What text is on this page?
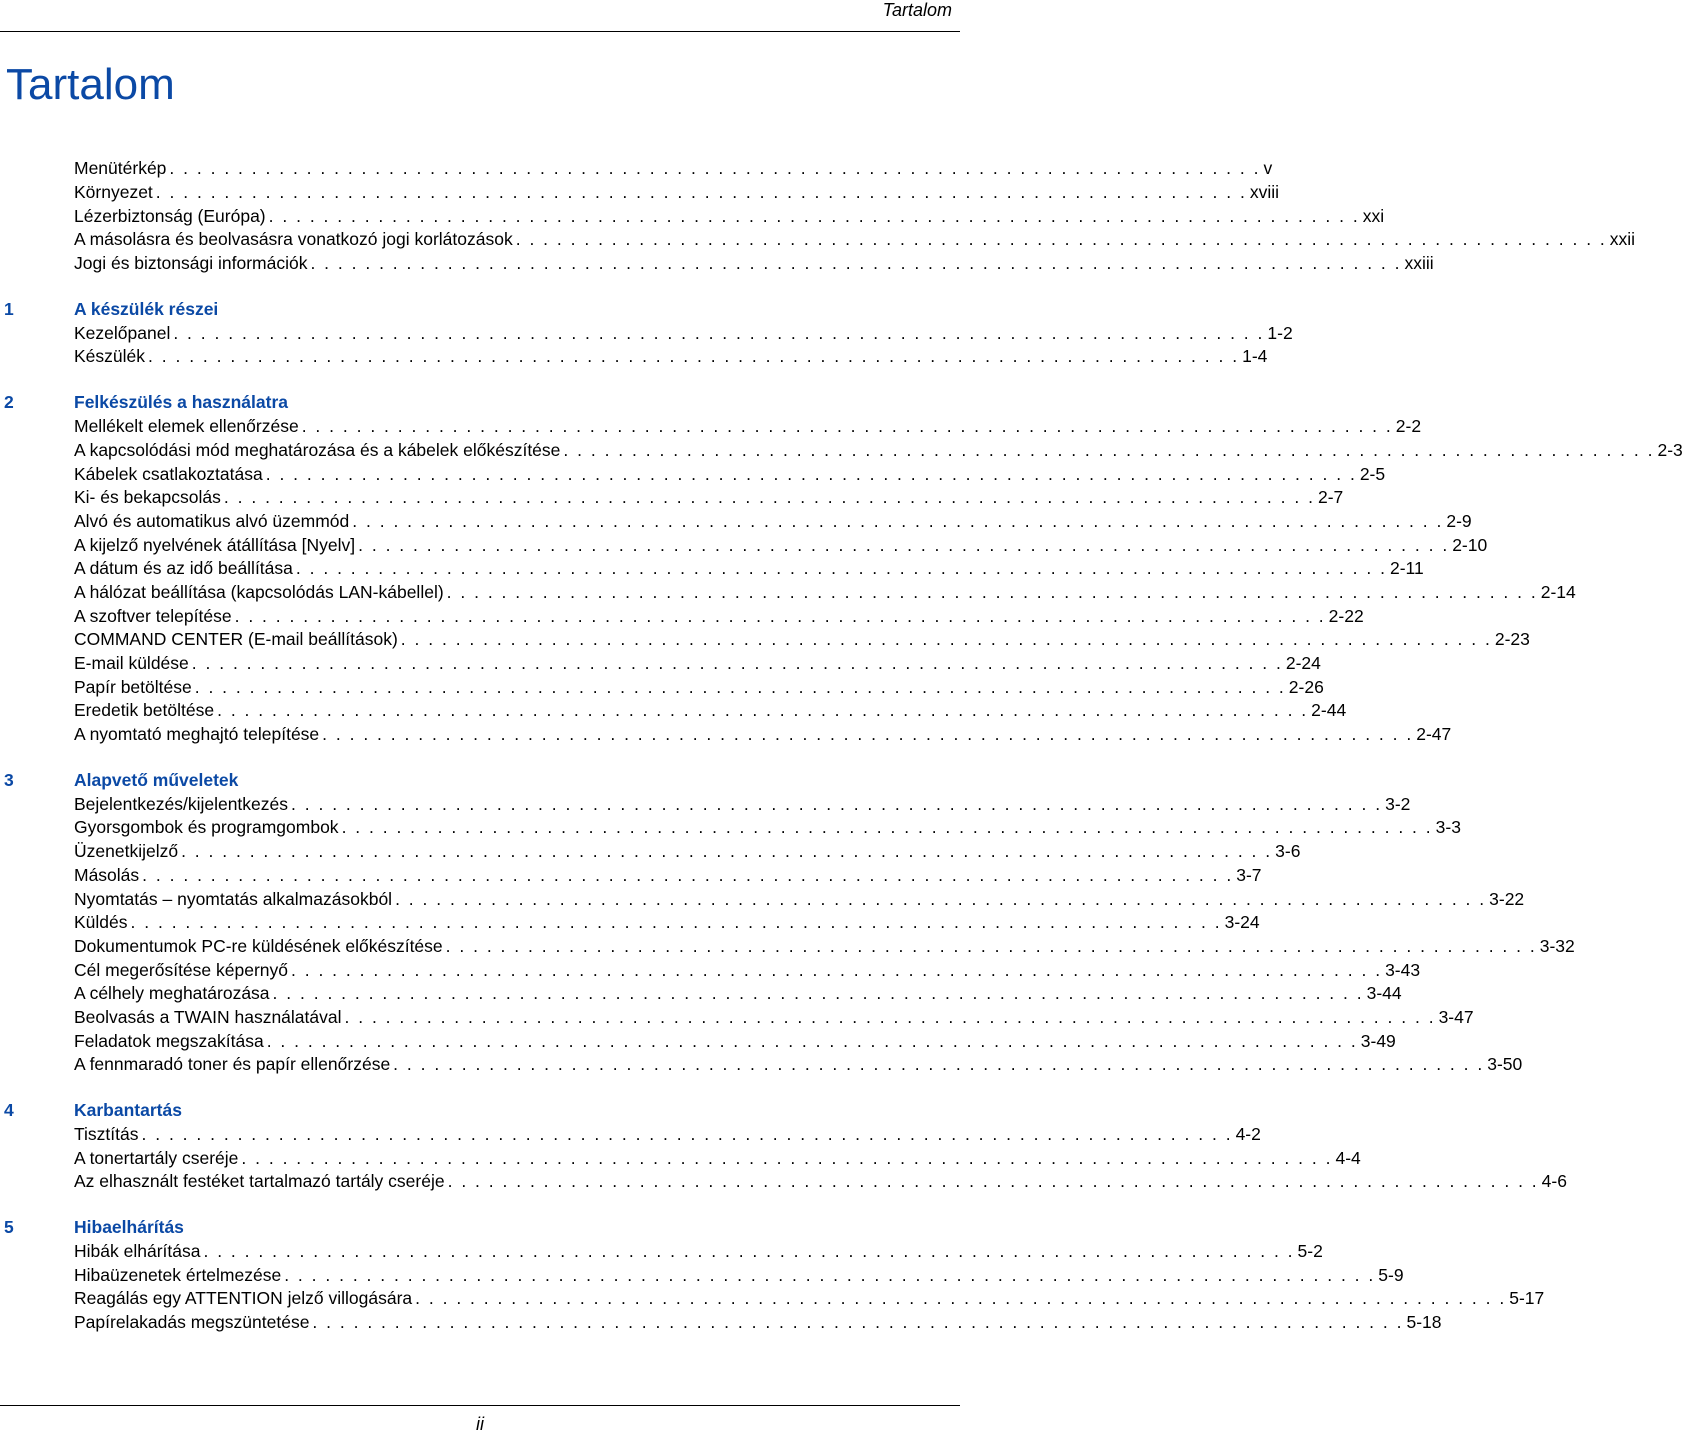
Tartalom
Tartalom
Menütérkép . . . . . . . . . . . . . . . . . . . . . . . . . . . . . . . . . . . . . . . . . . . . . . . . . . . . . . . . . . . . . . . . . . . . . . . . . . . . . . . . v
Környezet . . . . . . . . . . . . . . . . . . . . . . . . . . . . . . . . . . . . . . . . . . . . . . . . . . . . . . . . . . . . . . . . . . . . . . . . . . . . . . . . xviii
Lézerbiztonság (Európa) . . . . . . . . . . . . . . . . . . . . . . . . . . . . . . . . . . . . . . . . . . . . . . . . . . . . . . . . . . . . . . . . . . . . . . . . . . . . . . . . xxi
A másolásra és beolvasásra vonatkozó jogi korlátozások . . . . . . . . . . . . . . . . . . . . . . . . . . . . . . . . . . . . . . . . . . . . . . . . . . . . . . . . . . . . . . . . . . . . . . . . . . . . . . . . xxii
Jogi és biztonsági információk . . . . . . . . . . . . . . . . . . . . . . . . . . . . . . . . . . . . . . . . . . . . . . . . . . . . . . . . . . . . . . . . . . . . . . . . . . . . . . . . xxiii
1	A készülék részei
Kezelőpanel . . . . . . . . . . . . . . . . . . . . . . . . . . . . . . . . . . . . . . . . . . . . . . . . . . . . . . . . . . . . . . . . . . . . . . . . . . . . . . . . 1-2
Készülék . . . . . . . . . . . . . . . . . . . . . . . . . . . . . . . . . . . . . . . . . . . . . . . . . . . . . . . . . . . . . . . . . . . . . . . . . . . . . . . . 1-4
2	Felkészülés a használatra
Mellékelt elemek ellenőrzése . . . . . . . . . . . . . . . . . . . . . . . . . . . . . . . . . . . . . . . . . . . . . . . . . . . . . . . . . . . . . . . . . . . . . . . . . . . . . . . . 2-2
A kapcsolódási mód meghatározása és a kábelek előkészítése . . . . . . . . . . . . . . . . . . . . . . . . . . . . . . . . . . . . . . . . . . . . . . . . . . . . . . . . . . . . . . . . . . . . . . . . . . . . . . . . 2-3
Kábelek csatlakoztatása . . . . . . . . . . . . . . . . . . . . . . . . . . . . . . . . . . . . . . . . . . . . . . . . . . . . . . . . . . . . . . . . . . . . . . . . . . . . . . . . 2-5
Ki- és bekapcsolás . . . . . . . . . . . . . . . . . . . . . . . . . . . . . . . . . . . . . . . . . . . . . . . . . . . . . . . . . . . . . . . . . . . . . . . . . . . . . . . . 2-7
Alvó és automatikus alvó üzemmód . . . . . . . . . . . . . . . . . . . . . . . . . . . . . . . . . . . . . . . . . . . . . . . . . . . . . . . . . . . . . . . . . . . . . . . . . . . . . . . . 2-9
A kijelző nyelvének átállítása [Nyelv] . . . . . . . . . . . . . . . . . . . . . . . . . . . . . . . . . . . . . . . . . . . . . . . . . . . . . . . . . . . . . . . . . . . . . . . . . . . . . . . . 2-10
A dátum és az idő beállítása . . . . . . . . . . . . . . . . . . . . . . . . . . . . . . . . . . . . . . . . . . . . . . . . . . . . . . . . . . . . . . . . . . . . . . . . . . . . . . . . 2-11
A hálózat beállítása (kapcsolódás LAN-kábellel) . . . . . . . . . . . . . . . . . . . . . . . . . . . . . . . . . . . . . . . . . . . . . . . . . . . . . . . . . . . . . . . . . . . . . . . . . . . . . . . . 2-14
A szoftver telepítése . . . . . . . . . . . . . . . . . . . . . . . . . . . . . . . . . . . . . . . . . . . . . . . . . . . . . . . . . . . . . . . . . . . . . . . . . . . . . . . . 2-22
COMMAND CENTER (E-mail beállítások) . . . . . . . . . . . . . . . . . . . . . . . . . . . . . . . . . . . . . . . . . . . . . . . . . . . . . . . . . . . . . . . . . . . . . . . . . . . . . . . . 2-23
E-mail küldése . . . . . . . . . . . . . . . . . . . . . . . . . . . . . . . . . . . . . . . . . . . . . . . . . . . . . . . . . . . . . . . . . . . . . . . . . . . . . . . . 2-24
Papír betöltése . . . . . . . . . . . . . . . . . . . . . . . . . . . . . . . . . . . . . . . . . . . . . . . . . . . . . . . . . . . . . . . . . . . . . . . . . . . . . . . . 2-26
Eredetik betöltése . . . . . . . . . . . . . . . . . . . . . . . . . . . . . . . . . . . . . . . . . . . . . . . . . . . . . . . . . . . . . . . . . . . . . . . . . . . . . . . . 2-44
A nyomtató meghajtó telepítése . . . . . . . . . . . . . . . . . . . . . . . . . . . . . . . . . . . . . . . . . . . . . . . . . . . . . . . . . . . . . . . . . . . . . . . . . . . . . . . . 2-47
3	Alapvető műveletek
Bejelentkezés/kijelentkezés . . . . . . . . . . . . . . . . . . . . . . . . . . . . . . . . . . . . . . . . . . . . . . . . . . . . . . . . . . . . . . . . . . . . . . . . . . . . . . . . 3-2
Gyorsgombok és programgombok . . . . . . . . . . . . . . . . . . . . . . . . . . . . . . . . . . . . . . . . . . . . . . . . . . . . . . . . . . . . . . . . . . . . . . . . . . . . . . . . 3-3
Üzenetkijelző . . . . . . . . . . . . . . . . . . . . . . . . . . . . . . . . . . . . . . . . . . . . . . . . . . . . . . . . . . . . . . . . . . . . . . . . . . . . . . . . 3-6
Másolás . . . . . . . . . . . . . . . . . . . . . . . . . . . . . . . . . . . . . . . . . . . . . . . . . . . . . . . . . . . . . . . . . . . . . . . . . . . . . . . . 3-7
Nyomtatás – nyomtatás alkalmazásokból . . . . . . . . . . . . . . . . . . . . . . . . . . . . . . . . . . . . . . . . . . . . . . . . . . . . . . . . . . . . . . . . . . . . . . . . . . . . . . . . 3-22
Küldés . . . . . . . . . . . . . . . . . . . . . . . . . . . . . . . . . . . . . . . . . . . . . . . . . . . . . . . . . . . . . . . . . . . . . . . . . . . . . . . . 3-24
Dokumentumok PC-re küldésének előkészítése . . . . . . . . . . . . . . . . . . . . . . . . . . . . . . . . . . . . . . . . . . . . . . . . . . . . . . . . . . . . . . . . . . . . . . . . . . . . . . . . 3-32
Cél megerősítése képernyő . . . . . . . . . . . . . . . . . . . . . . . . . . . . . . . . . . . . . . . . . . . . . . . . . . . . . . . . . . . . . . . . . . . . . . . . . . . . . . . . 3-43
A célhely meghatározása . . . . . . . . . . . . . . . . . . . . . . . . . . . . . . . . . . . . . . . . . . . . . . . . . . . . . . . . . . . . . . . . . . . . . . . . . . . . . . . . 3-44
Beolvasás a TWAIN használatával . . . . . . . . . . . . . . . . . . . . . . . . . . . . . . . . . . . . . . . . . . . . . . . . . . . . . . . . . . . . . . . . . . . . . . . . . . . . . . . . 3-47
Feladatok megszakítása . . . . . . . . . . . . . . . . . . . . . . . . . . . . . . . . . . . . . . . . . . . . . . . . . . . . . . . . . . . . . . . . . . . . . . . . . . . . . . . . 3-49
A fennmaradó toner és papír ellenőrzése . . . . . . . . . . . . . . . . . . . . . . . . . . . . . . . . . . . . . . . . . . . . . . . . . . . . . . . . . . . . . . . . . . . . . . . . . . . . . . . . 3-50
4	Karbantartás
Tisztítás . . . . . . . . . . . . . . . . . . . . . . . . . . . . . . . . . . . . . . . . . . . . . . . . . . . . . . . . . . . . . . . . . . . . . . . . . . . . . . . . 4-2
A tonertartály cseréje . . . . . . . . . . . . . . . . . . . . . . . . . . . . . . . . . . . . . . . . . . . . . . . . . . . . . . . . . . . . . . . . . . . . . . . . . . . . . . . . 4-4
Az elhasznált festéket tartalmazó tartály cseréje . . . . . . . . . . . . . . . . . . . . . . . . . . . . . . . . . . . . . . . . . . . . . . . . . . . . . . . . . . . . . . . . . . . . . . . . . . . . . . . . 4-6
5	Hibaelhárítás
Hibák elhárítása . . . . . . . . . . . . . . . . . . . . . . . . . . . . . . . . . . . . . . . . . . . . . . . . . . . . . . . . . . . . . . . . . . . . . . . . . . . . . . . . 5-2
Hibaüzenetek értelmezése . . . . . . . . . . . . . . . . . . . . . . . . . . . . . . . . . . . . . . . . . . . . . . . . . . . . . . . . . . . . . . . . . . . . . . . . . . . . . . . . 5-9
Reagálás egy ATTENTION jelző villogására . . . . . . . . . . . . . . . . . . . . . . . . . . . . . . . . . . . . . . . . . . . . . . . . . . . . . . . . . . . . . . . . . . . . . . . . . . . . . . . . 5-17
Papírelakadás megszüntetése . . . . . . . . . . . . . . . . . . . . . . . . . . . . . . . . . . . . . . . . . . . . . . . . . . . . . . . . . . . . . . . . . . . . . . . . . . . . . . . . 5-18
ii
